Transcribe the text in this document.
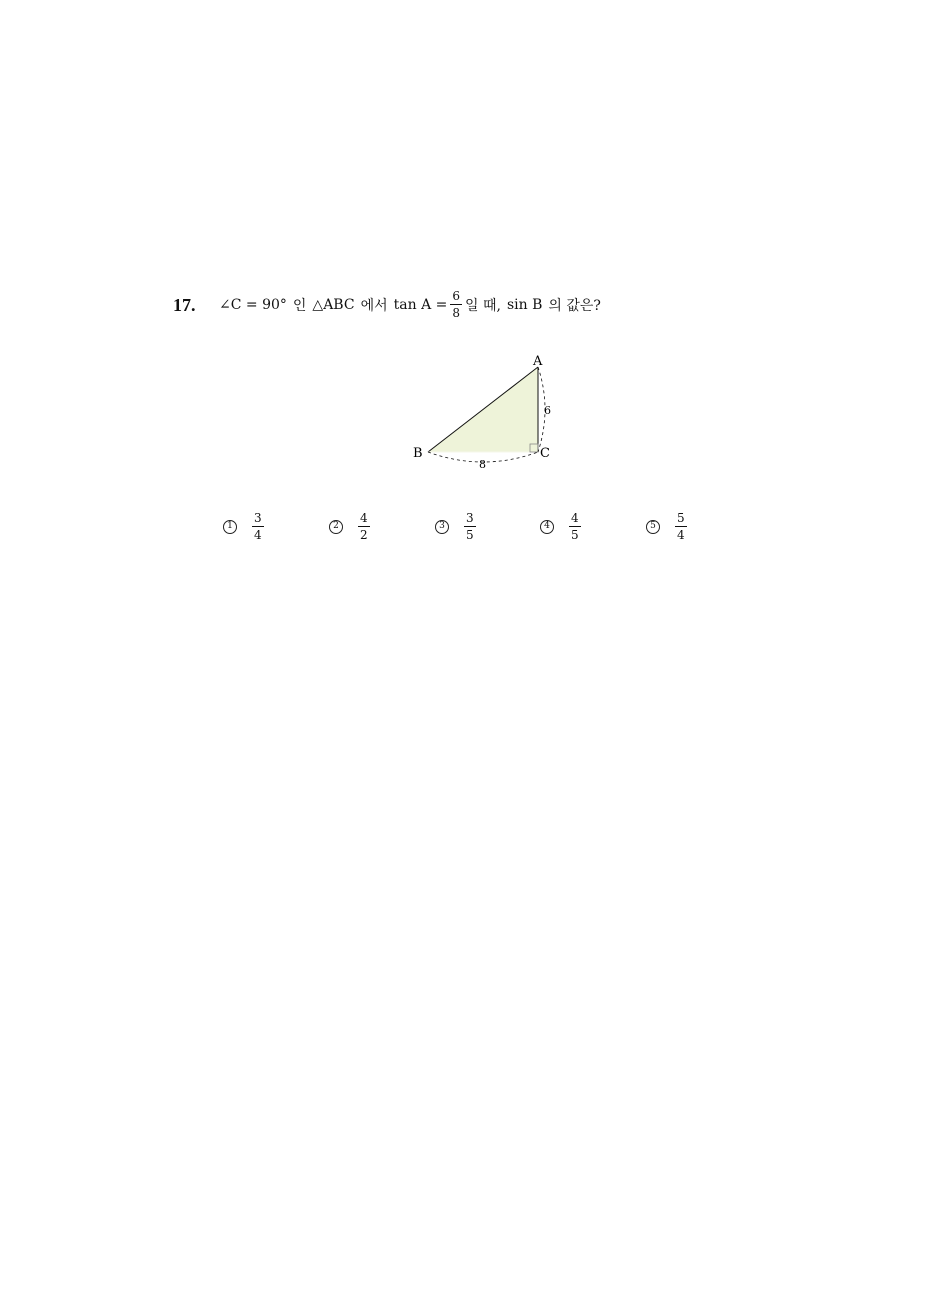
17. ∠C = 90° 인 △ABC 에서 $\tan A = \frac{6}{8}$ 일 때, sin B 의 값은?
A
B	C
6
8
1	$\frac{3}{4}$	2	$\frac{4}{2}$	3	$\frac{3}{5}$	4	$\frac{4}{5}$	5	$\frac{5}{4}$
